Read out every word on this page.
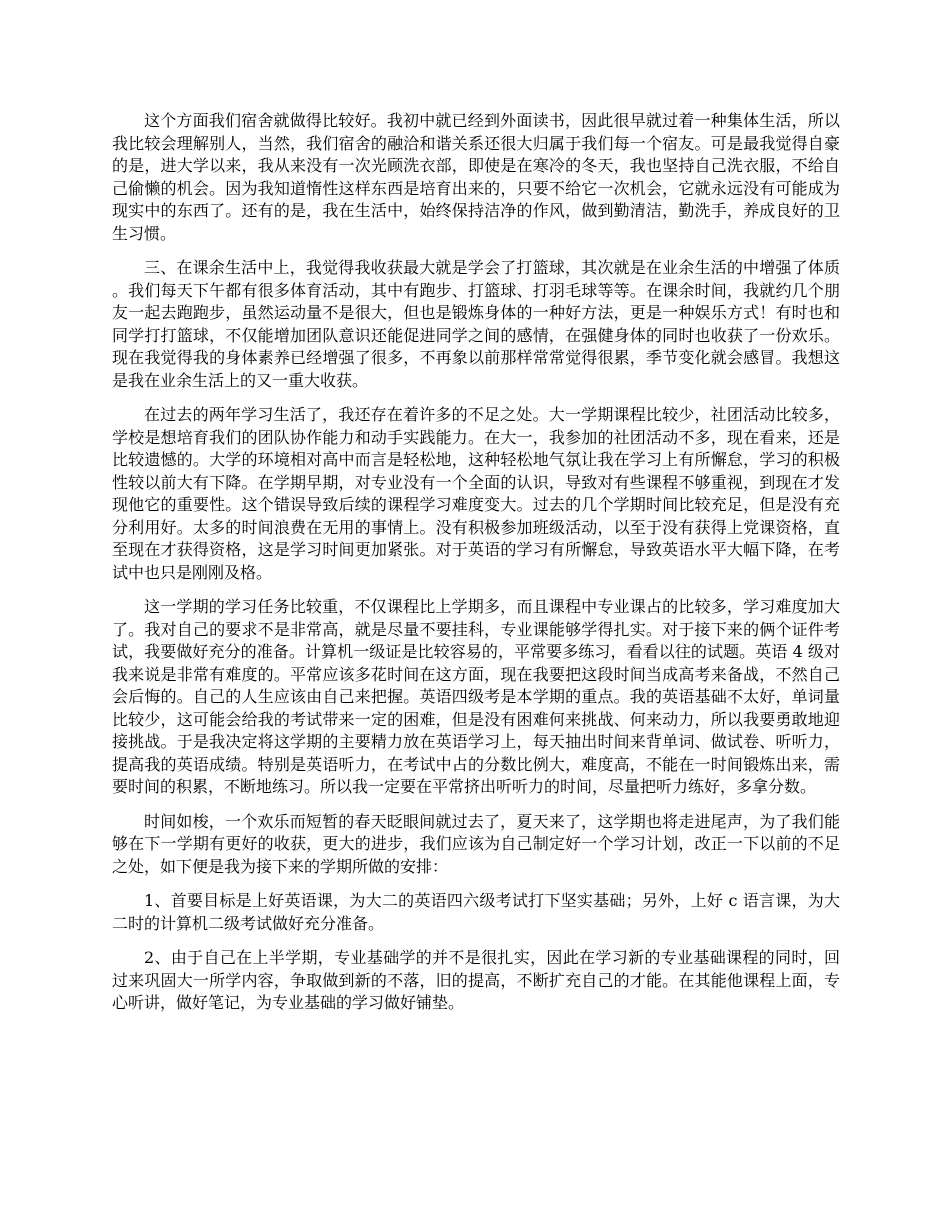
这个方面我们宿舍就做得比较好。我初中就已经到外面读书，因此很早就过着一种集体生活，所以我比较会理解别人，当然，我们宿舍的融洽和谐关系还很大归属于我们每一个宿友。可是最我觉得自豪的是，进大学以来，我从来没有一次光顾洗衣部，即使是在寒冷的冬天，我也坚持自己洗衣服，不给自己偷懒的机会。因为我知道惰性这样东西是培育出来的，只要不给它一次机会，它就永远没有可能成为现实中的东西了。还有的是，我在生活中，始终保持洁净的作风，做到勤清洁，勤洗手，养成良好的卫生习惯。

三、在课余生活中上，我觉得我收获最大就是学会了打篮球，其次就是在业余生活的中增强了体质。我们每天下午都有很多体育活动，其中有跑步、打篮球、打羽毛球等等。在课余时间，我就约几个朋友一起去跑跑步，虽然运动量不是很大，但也是锻炼身体的一种好方法，更是一种娱乐方式！有时也和同学打打篮球，不仅能增加团队意识还能促进同学之间的感情，在强健身体的同时也收获了一份欢乐。现在我觉得我的身体素养已经增强了很多，不再象以前那样常常觉得很累，季节变化就会感冒。我想这是我在业余生活上的又一重大收获。

在过去的两年学习生活了，我还存在着许多的不足之处。大一学期课程比较少，社团活动比较多，学校是想培育我们的团队协作能力和动手实践能力。在大一，我参加的社团活动不多，现在看来，还是比较遗憾的。大学的环境相对高中而言是轻松地，这种轻松地气氛让我在学习上有所懈怠，学习的积极性较以前大有下降。在学期早期，对专业没有一个全面的认识，导致对有些课程不够重视，到现在才发现他它的重要性。这个错误导致后续的课程学习难度变大。过去的几个学期时间比较充足，但是没有充分利用好。太多的时间浪费在无用的事情上。没有积极参加班级活动，以至于没有获得上党课资格，直至现在才获得资格，这是学习时间更加紧张。对于英语的学习有所懈怠，导致英语水平大幅下降，在考试中也只是刚刚及格。

这一学期的学习任务比较重，不仅课程比上学期多，而且课程中专业课占的比较多，学习难度加大了。我对自己的要求不是非常高，就是尽量不要挂科，专业课能够学得扎实。对于接下来的俩个证件考试，我要做好充分的准备。计算机一级证是比较容易的，平常要多练习，看看以往的试题。英语 4 级对我来说是非常有难度的。平常应该多花时间在这方面，现在我要把这段时间当成高考来备战，不然自己会后悔的。自己的人生应该由自己来把握。英语四级考是本学期的重点。我的英语基础不太好，单词量比较少，这可能会给我的考试带来一定的困难，但是没有困难何来挑战、何来动力，所以我要勇敢地迎接挑战。于是我决定将这学期的主要精力放在英语学习上，每天抽出时间来背单词、做试卷、听听力，提高我的英语成绩。特别是英语听力，在考试中占的分数比例大，难度高，不能在一时间锻炼出来，需要时间的积累，不断地练习。所以我一定要在平常挤出听听力的时间，尽量把听力练好，多拿分数。

时间如梭，一个欢乐而短暂的春天眨眼间就过去了，夏天来了，这学期也将走进尾声，为了我们能够在下一学期有更好的收获，更大的进步，我们应该为自己制定好一个学习计划，改正一下以前的不足之处，如下便是我为接下来的学期所做的安排：

1、首要目标是上好英语课，为大二的英语四六级考试打下坚实基础；另外，上好 c 语言课，为大二时的计算机二级考试做好充分准备。

2、由于自己在上半学期，专业基础学的并不是很扎实，因此在学习新的专业基础课程的同时，回过来巩固大一所学内容，争取做到新的不落，旧的提高，不断扩充自己的才能。在其能他课程上面，专心听讲，做好笔记，为专业基础的学习做好铺垫。
